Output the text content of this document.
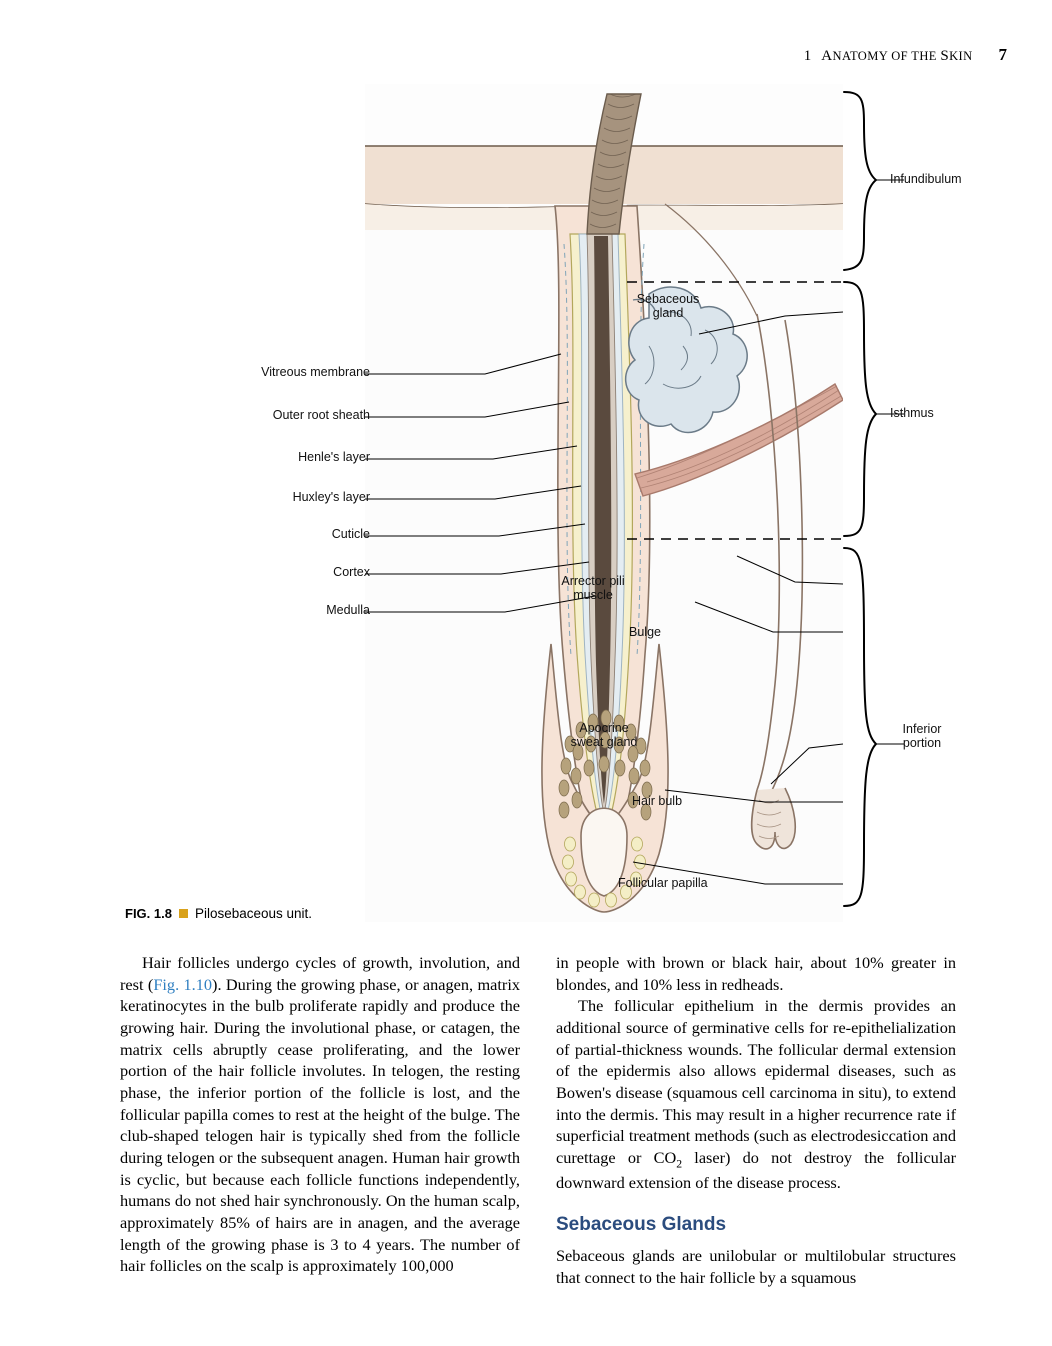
1 ANATOMY OF THE SKIN 7
Vitreous membrane
Outer root sheath
Henle's layer
Huxley's layer
Cuticle
Cortex
Medulla
Sebaceous
gland
Arrector pili
muscle
Bulge
Apocrine
sweat gland
Hair bulb
Follicular papilla
Infundibulum
Isthmus
Inferior
portion
FIG. 1.8 Pilosebaceous unit.

Hair follicles undergo cycles of growth, involution, and rest (Fig. 1.10). During the growing phase, or anagen, matrix keratinocytes in the bulb proliferate rapidly and produce the growing hair. During the involutional phase, or catagen, the matrix cells abruptly cease proliferating, and the lower portion of the hair follicle involutes. In telogen, the resting phase, the inferior portion of the follicle is lost, and the follicular papilla comes to rest at the height of the bulge. The club-shaped telogen hair is typically shed from the follicle during telogen or the subsequent anagen. Human hair growth is cyclic, but because each follicle functions independently, humans do not shed hair synchronously. On the human scalp, approximately 85% of hairs are in anagen, and the average length of the growing phase is 3 to 4 years. The number of hair follicles on the scalp is approximately 100,000

in people with brown or black hair, about 10% greater in blondes, and 10% less in redheads.

The follicular epithelium in the dermis provides an additional source of germinative cells for re-epithelialization of partial-thickness wounds. The follicular dermal extension of the epidermis also allows epidermal diseases, such as Bowen's disease (squamous cell carcinoma in situ), to extend into the dermis. This may result in a higher recurrence rate if superficial treatment methods (such as electrodesiccation and curettage or $CO_2$ laser) do not destroy the follicular downward extension of the disease process.

Sebaceous Glands

Sebaceous glands are unilobular or multilobular structures that connect to the hair follicle by a squamous
